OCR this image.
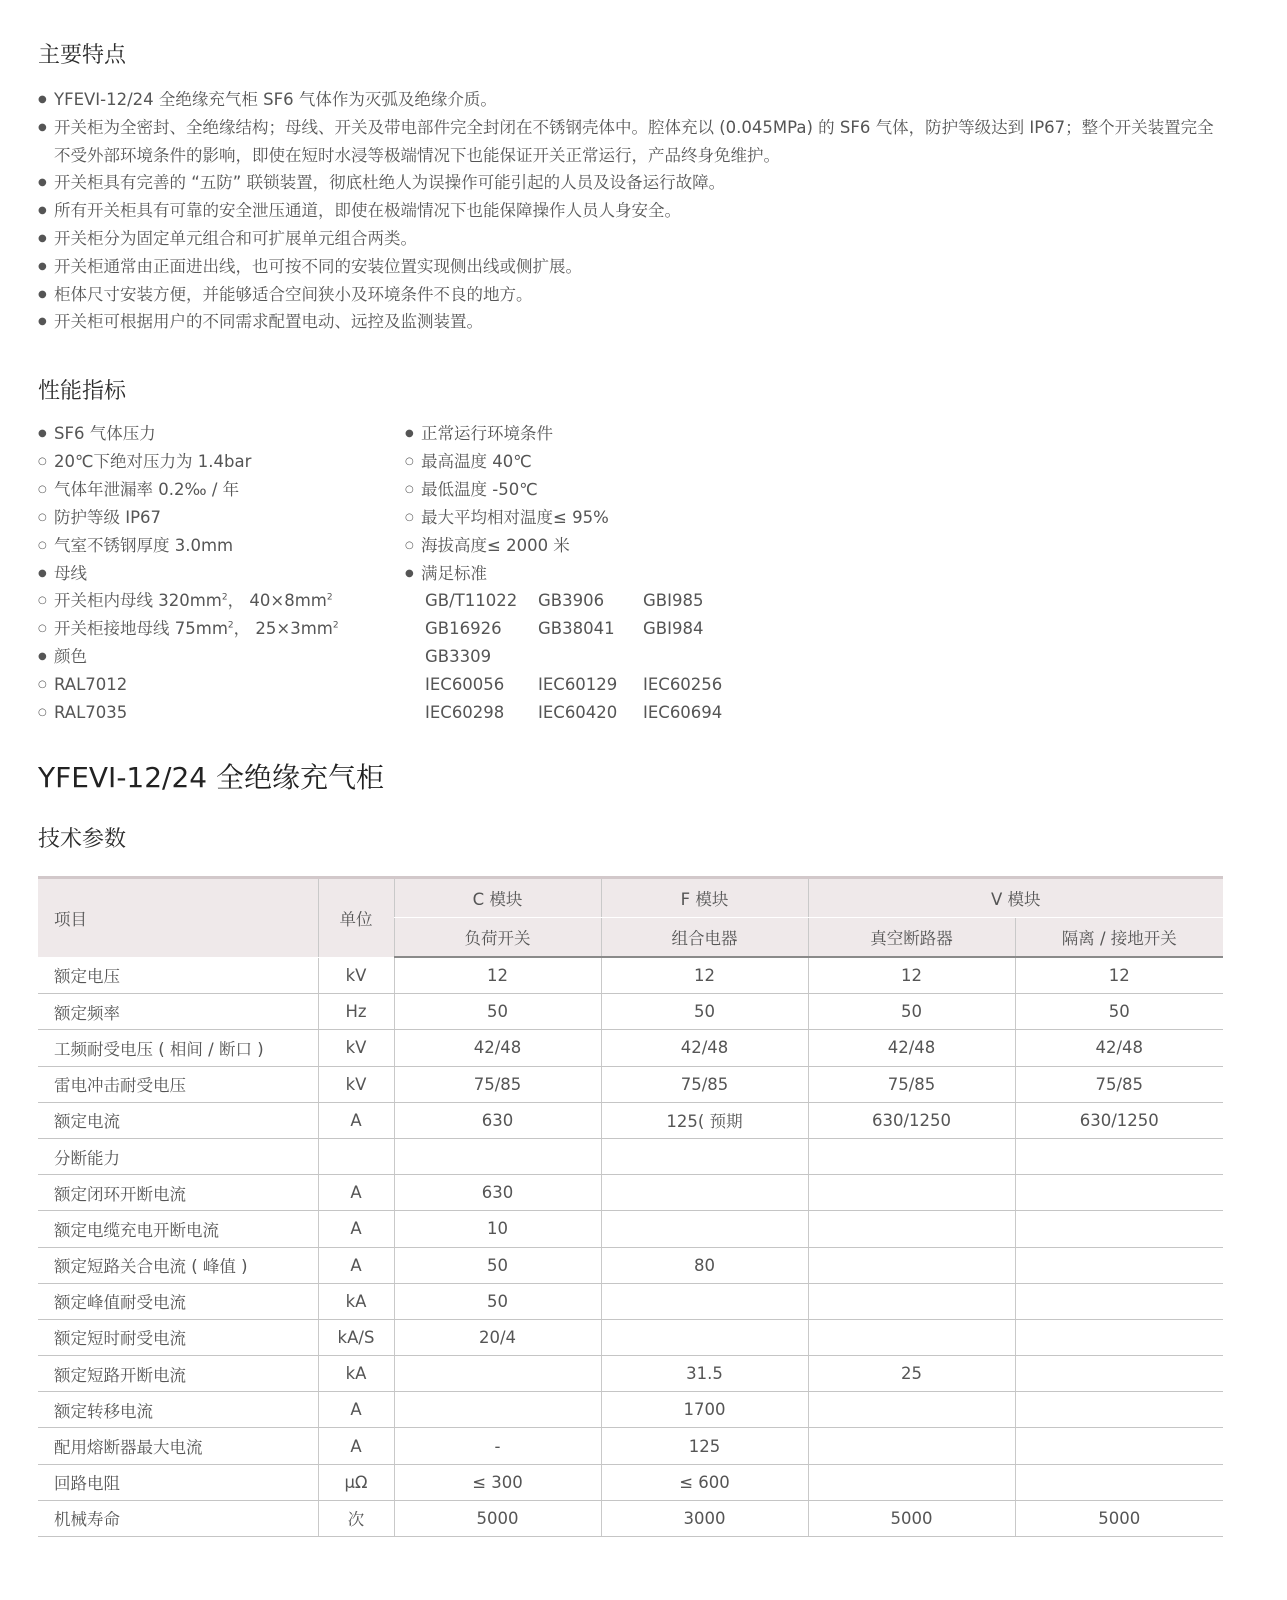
主要特点
● YFEVI-12/24 全绝缘充气柜 SF6 气体作为灭弧及绝缘介质。
● 开关柜为全密封、全绝缘结构；母线、开关及带电部件完全封闭在不锈钢壳体中。腔体充以 (0.045MPa) 的 SF6 气体，防护等级达到 IP67；整个开关装置完全不受外部环境条件的影响，即使在短时水浸等极端情况下也能保证开关正常运行，产品终身免维护。
● 开关柜具有完善的 “五防” 联锁装置，彻底杜绝人为误操作可能引起的人员及设备运行故障。
● 所有开关柜具有可靠的安全泄压通道，即使在极端情况下也能保障操作人员人身安全。
● 开关柜分为固定单元组合和可扩展单元组合两类。
● 开关柜通常由正面进出线，也可按不同的安装位置实现侧出线或侧扩展。
● 柜体尺寸安装方便，并能够适合空间狭小及环境条件不良的地方。
● 开关柜可根据用户的不同需求配置电动、远控及监测装置。
性能指标
● SF6 气体压力
○ 20℃下绝对压力为 1.4bar
○ 气体年泄漏率 0.2‰ / 年
○ 防护等级 IP67
○ 气室不锈钢厚度 3.0mm
● 母线
○ 开关柜内母线 $320mm^2$， $40\times 8mm^2$
○ 开关柜接地母线 $75mm^2$， $25\times 3mm^2$
● 颜色
○ RAL7012
○ RAL7035
● 正常运行环境条件
○ 最高温度 40℃
○ 最低温度 -50℃
○ 最大平均相对温度≤ 95%
○ 海拔高度≤ 2000 米
● 满足标准
GB/T11022 GB3906 GBI985
GB16926 GB38041 GBI984
GB3309
IEC60056 IEC60129 IEC60256
IEC60298 IEC60420 IEC60694
YFEVI-12/24 全绝缘充气柜
技术参数
项目	单位	C 模块	F 模块	V 模块	
		负荷开关	组合电器	真空断路器	隔离 / 接地开关
额定电压	kV	12	12	12	12
额定频率	Hz	50	50	50	50
工频耐受电压 ( 相间 / 断口 )	kV	42/48	42/48	42/48	42/48
雷电冲击耐受电压	kV	75/85	75/85	75/85	75/85
额定电流	A	630	125( 预期	630/1250	630/1250
分断能力					
额定闭环开断电流	A	630			
额定电缆充电开断电流	A	10			
额定短路关合电流 ( 峰值 )	A	50	80		
额定峰值耐受电流	kA	50			
额定短时耐受电流	kA/S	20/4			
额定短路开断电流	kA		31.5	25	
额定转移电流	A		1700		
配用熔断器最大电流	A	-	125		
回路电阻	μΩ	≤ 300	≤ 600		
机械寿命	次	5000	3000	5000	5000
